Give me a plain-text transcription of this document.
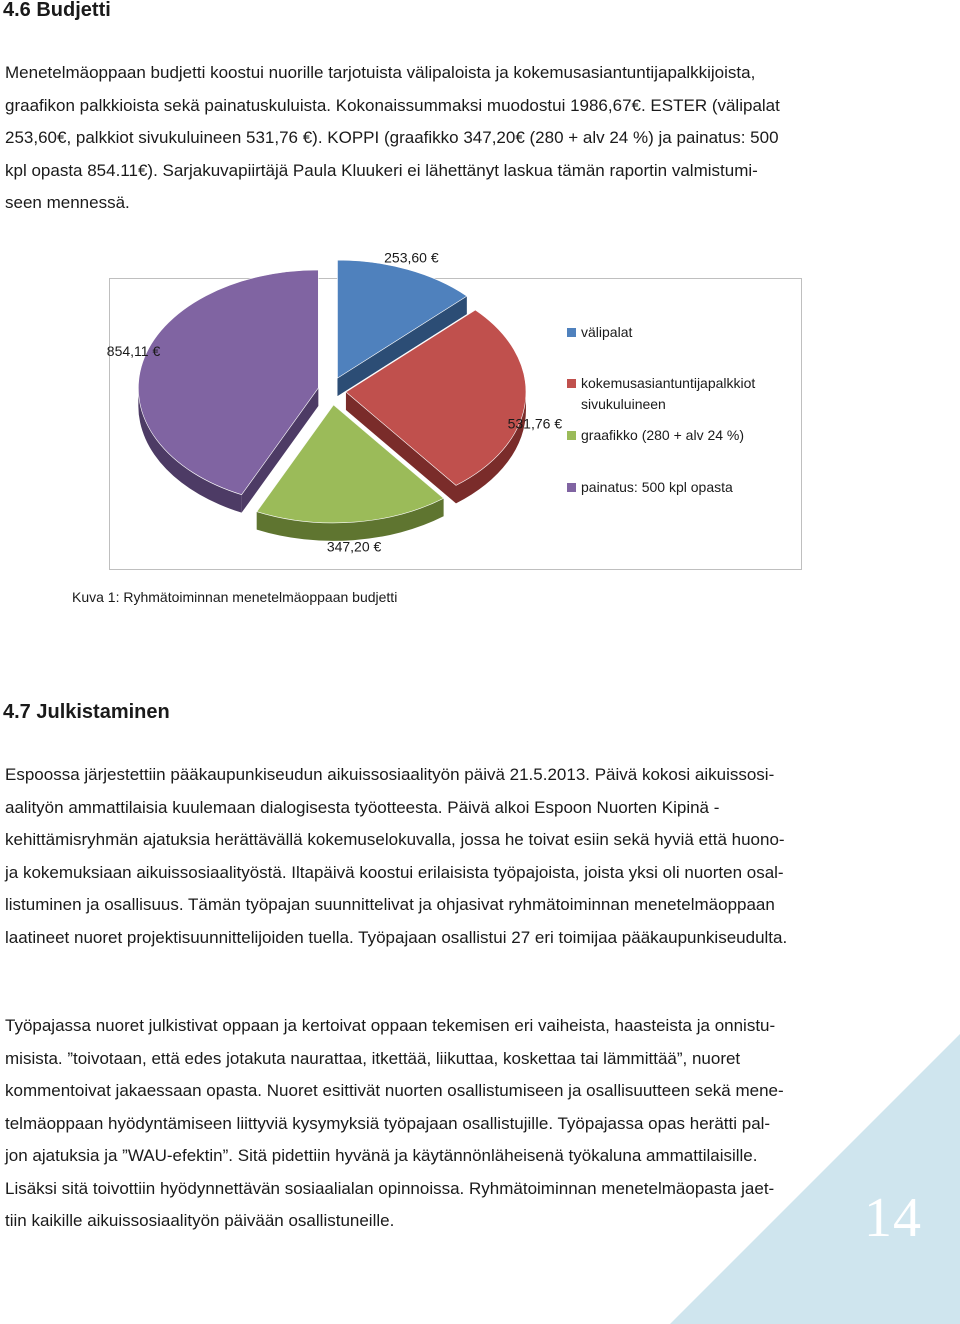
14
4.6 Budjetti
Menetelmäoppaan budjetti koostui nuorille tarjotuista välipaloista ja kokemusasiantuntijapalkkijoista,
graafikon palkkioista sekä painatuskuluista. Kokonaissummaksi muodostui 1986,67€. ESTER (välipalat
253,60€, palkkiot sivukuluineen 531,76 €). KOPPI (graafikko 347,20€ (280 + alv 24 %) ja painatus: 500
kpl opasta 854.11€). Sarjakuvapiirtäjä Paula Kluukeri ei lähettänyt laskua tämän raportin valmistumi-
seen mennessä.
253,60 €
531,76 €
347,20 €
854,11 €
välipalat
kokemusasiantuntijapalkkiot
sivukuluineen
graafikko (280 + alv 24 %)
painatus: 500 kpl opasta

Kuva 1: Ryhmätoiminnan menetelmäoppaan budjetti

4.7 Julkistaminen
Espoossa järjestettiin pääkaupunkiseudun aikuissosiaalityön päivä 21.5.2013. Päivä kokosi aikuissosi-
aalityön ammattilaisia kuulemaan dialogisesta työotteesta. Päivä alkoi Espoon Nuorten Kipinä -
kehittämisryhmän ajatuksia herättävällä kokemuselokuvalla, jossa he toivat esiin sekä hyviä että huono-
ja kokemuksiaan aikuissosiaalityöstä. Iltapäivä koostui erilaisista työpajoista, joista yksi oli nuorten osal-
listuminen ja osallisuus. Tämän työpajan suunnittelivat ja ohjasivat ryhmätoiminnan menetelmäoppaan
laatineet nuoret projektisuunnittelijoiden tuella. Työpajaan osallistui 27 eri toimijaa pääkaupunkiseudulta.
Työpajassa nuoret julkistivat oppaan ja kertoivat oppaan tekemisen eri vaiheista, haasteista ja onnistu-
misista. ”toivotaan, että edes jotakuta naurattaa, itkettää, liikuttaa, koskettaa tai lämmittää”, nuoret
kommentoivat jakaessaan opasta. Nuoret esittivät nuorten osallistumiseen ja osallisuutteen sekä mene-
telmäoppaan hyödyntämiseen liittyviä kysymyksiä työpajaan osallistujille. Työpajassa opas herätti pal-
jon ajatuksia ja ”WAU-efektin”. Sitä pidettiin hyvänä ja käytännönläheisenä työkaluna ammattilaisille.
Lisäksi sitä toivottiin hyödynnettävän sosiaalialan opinnoissa. Ryhmätoiminnan menetelmäopasta jaet-
tiin kaikille aikuissosiaalityön päivään osallistuneille.
